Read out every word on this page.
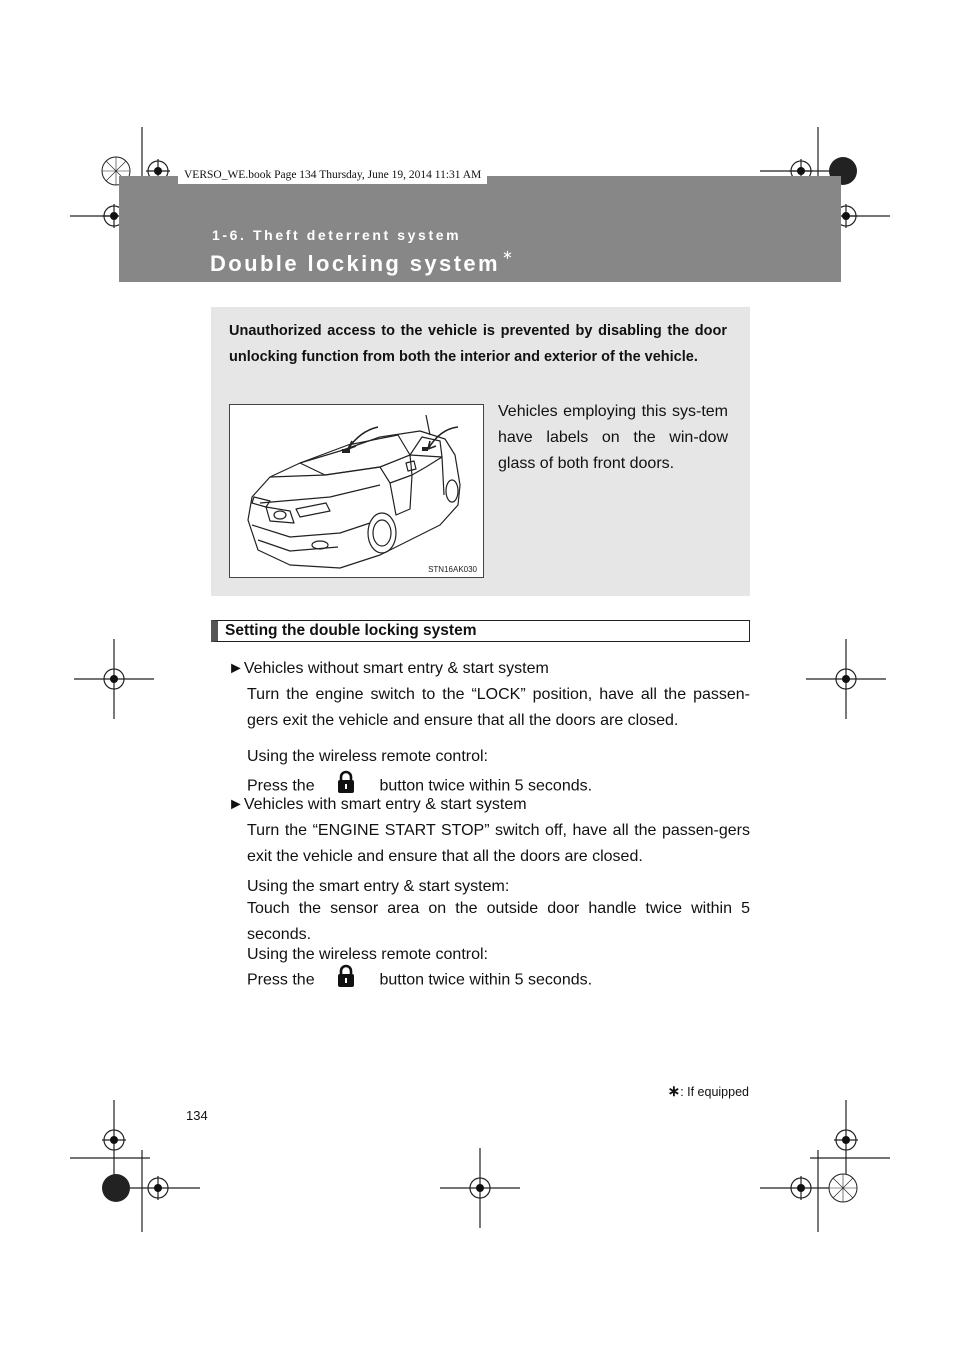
VERSO_WE.book Page 134 Thursday, June 19, 2014 11:31 AM
1-6. Theft deterrent system
Double locking system ∗
Unauthorized access to the vehicle is prevented by disabling the door unlocking function from both the interior and exterior of the vehicle.
STN16AK030
Vehicles employing this sys-tem have labels on the win-dow glass of both front doors.
Setting the double locking system
►Vehicles without smart entry & start system
Turn the engine switch to the “LOCK” position, have all the passen-gers exit the vehicle and ensure that all the doors are closed.
Using the wireless remote control:
Press the	button twice within 5 seconds.
►Vehicles with smart entry & start system
Turn the “ENGINE START STOP” switch off, have all the passen-gers exit the vehicle and ensure that all the doors are closed.
Using the smart entry & start system:
Touch the sensor area on the outside door handle twice within 5 seconds.
Using the wireless remote control:
Press the	button twice within 5 seconds.
∗: If equipped
134
